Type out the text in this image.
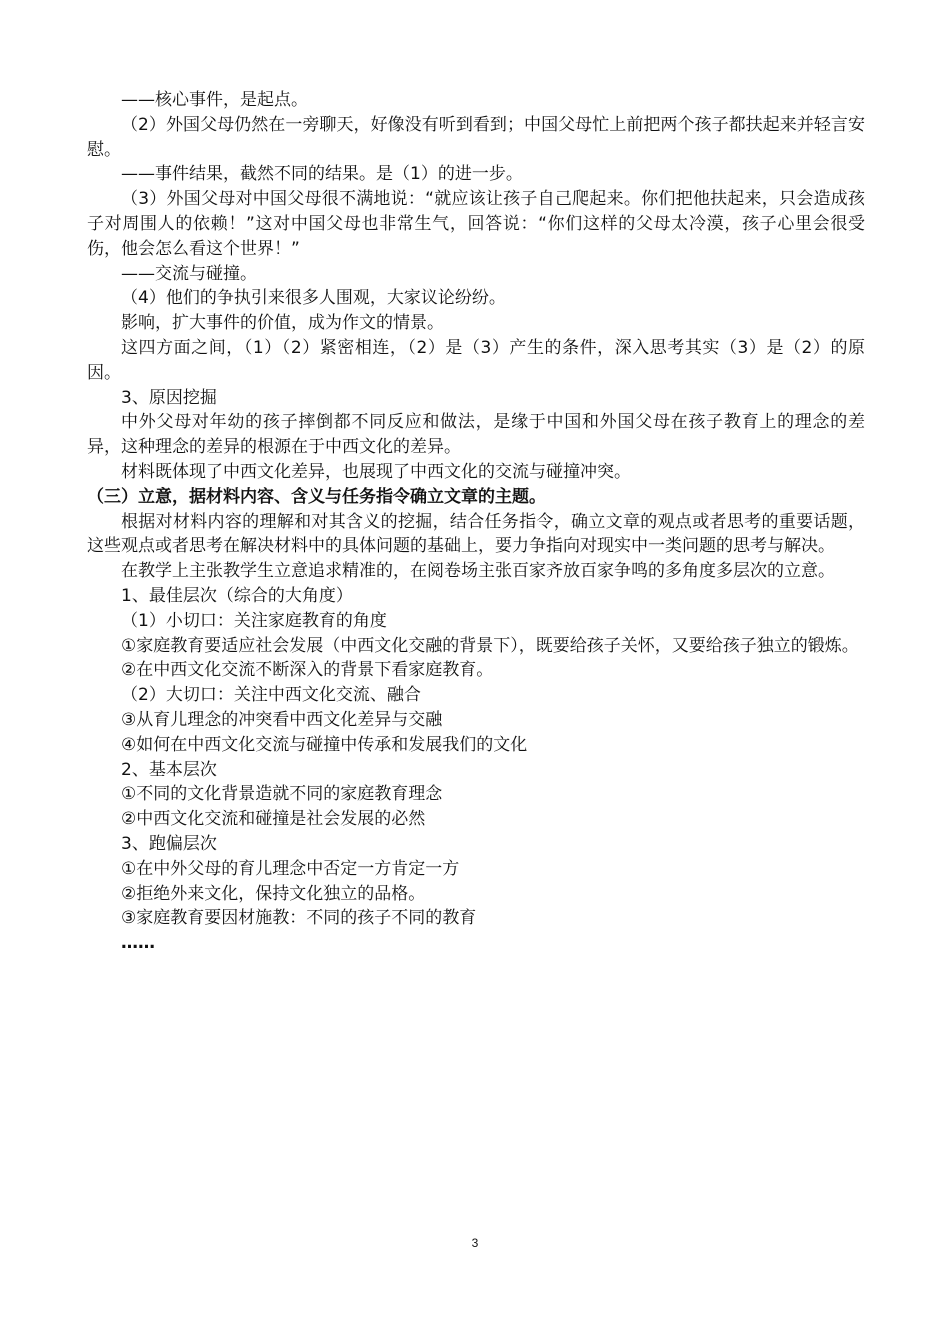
——核心事件，是起点。

（2）外国父母仍然在一旁聊天，好像没有听到看到；中国父母忙上前把两个孩子都扶起来并轻言安慰。

——事件结果，截然不同的结果。是（1）的进一步。

（3）外国父母对中国父母很不满地说：“就应该让孩子自己爬起来。你们把他扶起来，只会造成孩子对周围人的依赖！”这对中国父母也非常生气，回答说：“你们这样的父母太冷漠，孩子心里会很受伤，他会怎么看这个世界！”

——交流与碰撞。

（4）他们的争执引来很多人围观，大家议论纷纷。

影响，扩大事件的价值，成为作文的情景。

这四方面之间，（1）（2）紧密相连，（2）是（3）产生的条件，深入思考其实（3）是（2）的原因。

3、原因挖掘

中外父母对年幼的孩子摔倒都不同反应和做法，是缘于中国和外国父母在孩子教育上的理念的差异，这种理念的差异的根源在于中西文化的差异。

材料既体现了中西文化差异，也展现了中西文化的交流与碰撞冲突。

（三）立意，据材料内容、含义与任务指令确立文章的主题。

根据对材料内容的理解和对其含义的挖掘，结合任务指令，确立文章的观点或者思考的重要话题，这些观点或者思考在解决材料中的具体问题的基础上，要力争指向对现实中一类问题的思考与解决。

在教学上主张教学生立意追求精准的，在阅卷场主张百家齐放百家争鸣的多角度多层次的立意。

1、最佳层次（综合的大角度）

（1）小切口：关注家庭教育的角度

①家庭教育要适应社会发展（中西文化交融的背景下），既要给孩子关怀，又要给孩子独立的锻炼。

②在中西文化交流不断深入的背景下看家庭教育。

（2）大切口：关注中西文化交流、融合

③从育儿理念的冲突看中西文化差异与交融

④如何在中西文化交流与碰撞中传承和发展我们的文化

2、基本层次

①不同的文化背景造就不同的家庭教育理念

②中西文化交流和碰撞是社会发展的必然

3、跑偏层次

①在中外父母的育儿理念中否定一方肯定一方

②拒绝外来文化，保持文化独立的品格。

③家庭教育要因材施教：不同的孩子不同的教育

……

3
